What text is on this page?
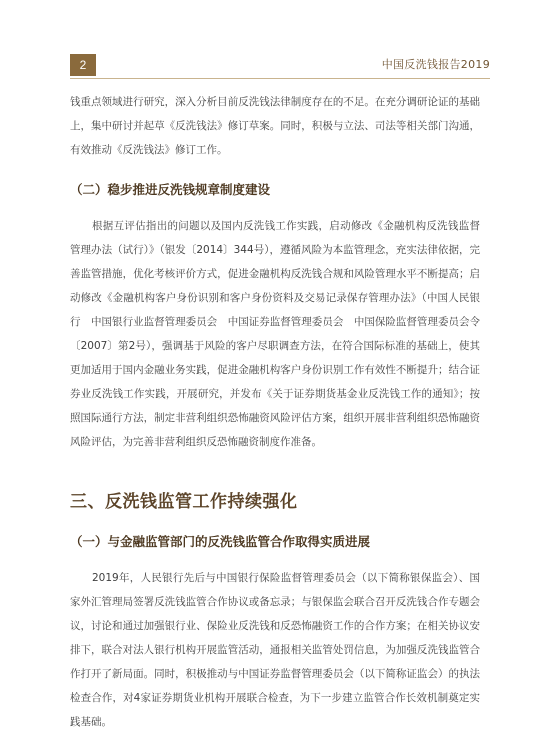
2	中国反洗钱报告2019

钱重点领域进行研究，深入分析目前反洗钱法律制度存在的不足。在充分调研论证的基础上，集中研讨并起草《反洗钱法》修订草案。同时，积极与立法、司法等相关部门沟通，有效推动《反洗钱法》修订工作。

（二）稳步推进反洗钱规章制度建设

根据互评估指出的问题以及国内反洗钱工作实践，启动修改《金融机构反洗钱监督管理办法（试行）》（银发〔2014〕344号），遵循风险为本监管理念，充实法律依据，完善监管措施，优化考核评价方式，促进金融机构反洗钱合规和风险管理水平不断提高；启动修改《金融机构客户身份识别和客户身份资料及交易记录保存管理办法》（中国人民银行　中国银行业监督管理委员会　中国证券监督管理委员会　中国保险监督管理委员会令〔2007〕第2号），强调基于风险的客户尽职调查方法，在符合国际标准的基础上，使其更加适用于国内金融业务实践，促进金融机构客户身份识别工作有效性不断提升；结合证券业反洗钱工作实践，开展研究，并发布《关于证券期货基金业反洗钱工作的通知》；按照国际通行方法，制定非营利组织恐怖融资风险评估方案，组织开展非营利组织恐怖融资风险评估，为完善非营利组织反恐怖融资制度作准备。

三、反洗钱监管工作持续强化
（一）与金融监管部门的反洗钱监管合作取得实质进展

2019年，人民银行先后与中国银行保险监督管理委员会（以下简称银保监会）、国家外汇管理局签署反洗钱监管合作协议或备忘录；与银保监会联合召开反洗钱合作专题会议，讨论和通过加强银行业、保险业反洗钱和反恐怖融资工作的合作方案；在相关协议安排下，联合对法人银行机构开展监管活动，通报相关监管处罚信息，为加强反洗钱监管合作打开了新局面。同时，积极推动与中国证券监督管理委员会（以下简称证监会）的执法检查合作，对4家证券期货业机构开展联合检查，为下一步建立监管合作长效机制奠定实践基础。
